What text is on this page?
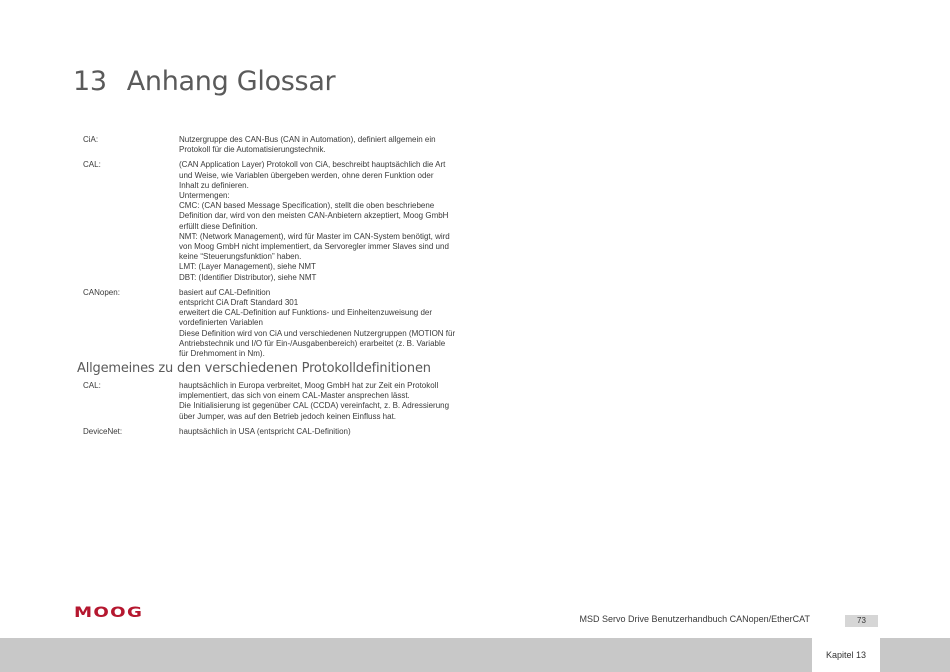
13 Anhang Glossar
CiA:	Nutzergruppe des CAN-Bus (CAN in Automation), definiert allgemein ein
Protokoll für die Automatisierungstechnik.
CAL:	(CAN Application Layer) Protokoll von CiA, beschreibt hauptsächlich die Art
und Weise, wie Variablen übergeben werden, ohne deren Funktion oder
Inhalt zu definieren.
Untermengen:
CMC: (CAN based Message Specification), stellt die oben beschriebene
Definition dar, wird von den meisten CAN-Anbietern akzeptiert, Moog GmbH
erfüllt diese Definition.
NMT: (Network Management), wird für Master im CAN-System benötigt, wird
von Moog GmbH nicht implementiert, da Servoregler immer Slaves sind und
keine “Steuerungsfunktion” haben.
LMT: (Layer Management), siehe NMT
DBT: (Identifier Distributor), siehe NMT
CANopen:	basiert auf CAL-Definition
entspricht CiA Draft Standard 301
erweitert die CAL-Definition auf Funktions- und Einheitenzuweisung der
vordefinierten Variablen
Diese Definition wird von CiA und verschiedenen Nutzergruppen (MOTION für
Antriebstechnik und I/O für Ein-/Ausgabenbereich) erarbeitet (z. B. Variable
für Drehmoment in Nm).
Allgemeines zu den verschiedenen Protokolldefinitionen
CAL:	hauptsächlich in Europa verbreitet, Moog GmbH hat zur Zeit ein Protokoll
implementiert, das sich von einem CAL-Master ansprechen lässt.
Die Initialisierung ist gegenüber CAL (CCDA) vereinfacht, z. B. Adressierung
über Jumper, was auf den Betrieb jedoch keinen Einfluss hat.
DeviceNet:	hauptsächlich in USA (entspricht CAL-Definition)
MOOG	MSD Servo Drive Benutzerhandbuch CANopen/EtherCAT	73
Kapitel 13
